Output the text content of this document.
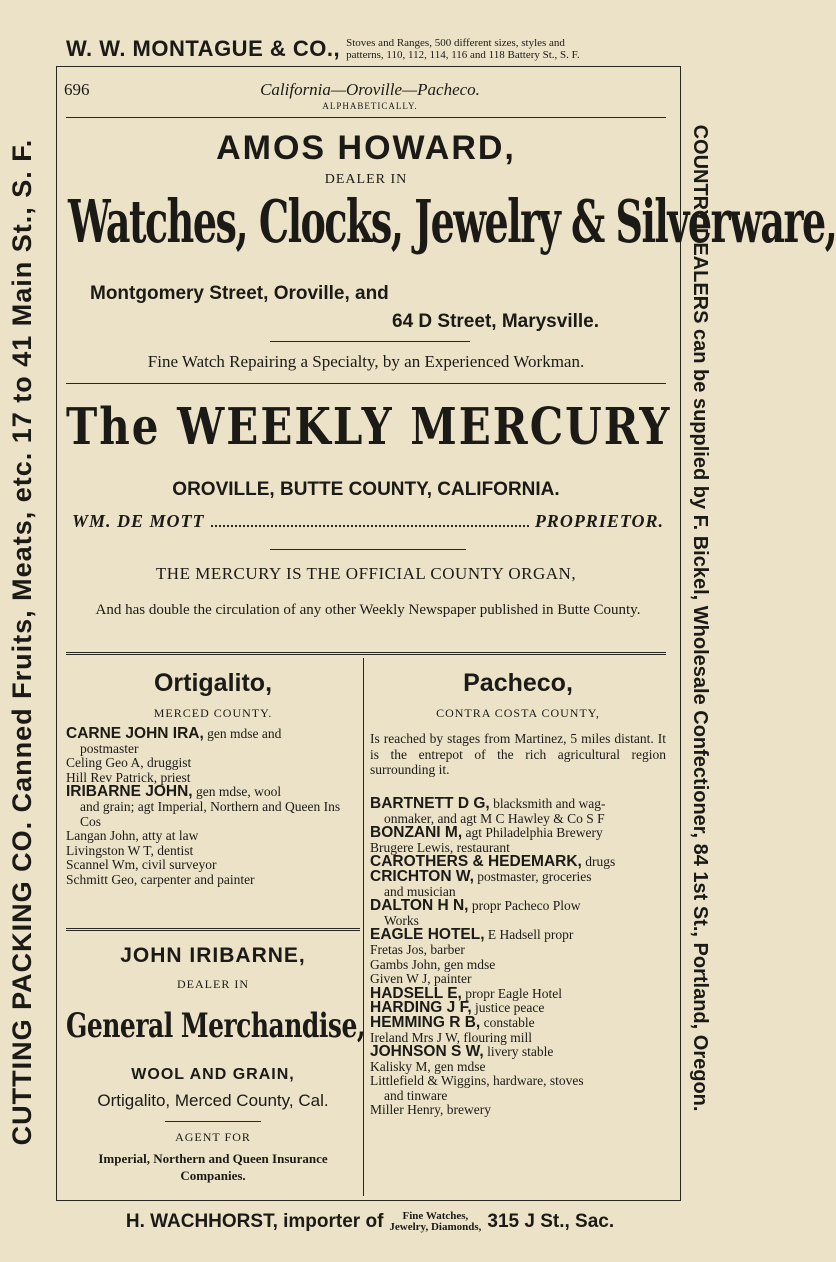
W. W. MONTAGUE & CO., Stoves and Ranges, 500 different sizes, styles and
patterns, 110, 112, 114, 116 and 118 Battery St., S. F.
CUTTING PACKING CO. Canned Fruits, Meats, etc. 17 to 41 Main St., S. F.	COUNTRY DEALERS can be supplied by F. Bickel, Wholesale Confectioner, 84 1st St., Portland, Oregon.
696	California—Oroville—Pacheco.
ALPHABETICALLY.
AMOS HOWARD,
DEALER IN
Watches, Clocks, Jewelry & Silverware,
Montgomery Street, Oroville, and
64 D Street, Marysville.
Fine Watch Repairing a Specialty, by an Experienced Workman.
The WEEKLY MERCURY
OROVILLE, BUTTE COUNTY, CALIFORNIA.
WM. DE MOTT	PROPRIETOR.
THE MERCURY IS THE OFFICIAL COUNTY ORGAN,
And has double the circulation of any other Weekly Newspaper published in Butte County.
Ortigalito,
MERCED COUNTY.
CARNE JOHN IRA, gen mdse and
postmaster
Celing Geo A, druggist
Hill Rev Patrick, priest
IRIBARNE JOHN, gen mdse, wool
and grain; agt Imperial, Northern and Queen Ins Cos
Langan John, atty at law
Livingston W T, dentist
Scannel Wm, civil surveyor
Schmitt Geo, carpenter and painter
JOHN IRIBARNE,
DEALER IN
General Merchandise,
WOOL AND GRAIN,
Ortigalito, Merced County, Cal.
AGENT FOR
Imperial, Northern and Queen Insurance Companies.
Pacheco,
CONTRA COSTA COUNTY,
Is reached by stages from Martinez, 5 miles distant. It is the entrepot of the rich agricultural region surrounding it.
BARTNETT D G, blacksmith and wag-
onmaker, and agt M C Hawley & Co S F
BONZANI M, agt Philadelphia Brewery
Brugere Lewis, restaurant
CAROTHERS & HEDEMARK, drugs
CRICHTON W, postmaster, groceries
and musician
DALTON H N, propr Pacheco Plow
Works
EAGLE HOTEL, E Hadsell propr
Fretas Jos, barber
Gambs John, gen mdse
Given W J, painter
HADSELL E, propr Eagle Hotel
HARDING J F, justice peace
HEMMING R B, constable
Ireland Mrs J W, flouring mill
JOHNSON S W, livery stable
Kalisky M, gen mdse
Littlefield & Wiggins, hardware, stoves
and tinware
Miller Henry, brewery
H. WACHHORST, importer of Fine Watches,
Jewelry, Diamonds, 315 J St., Sac.
